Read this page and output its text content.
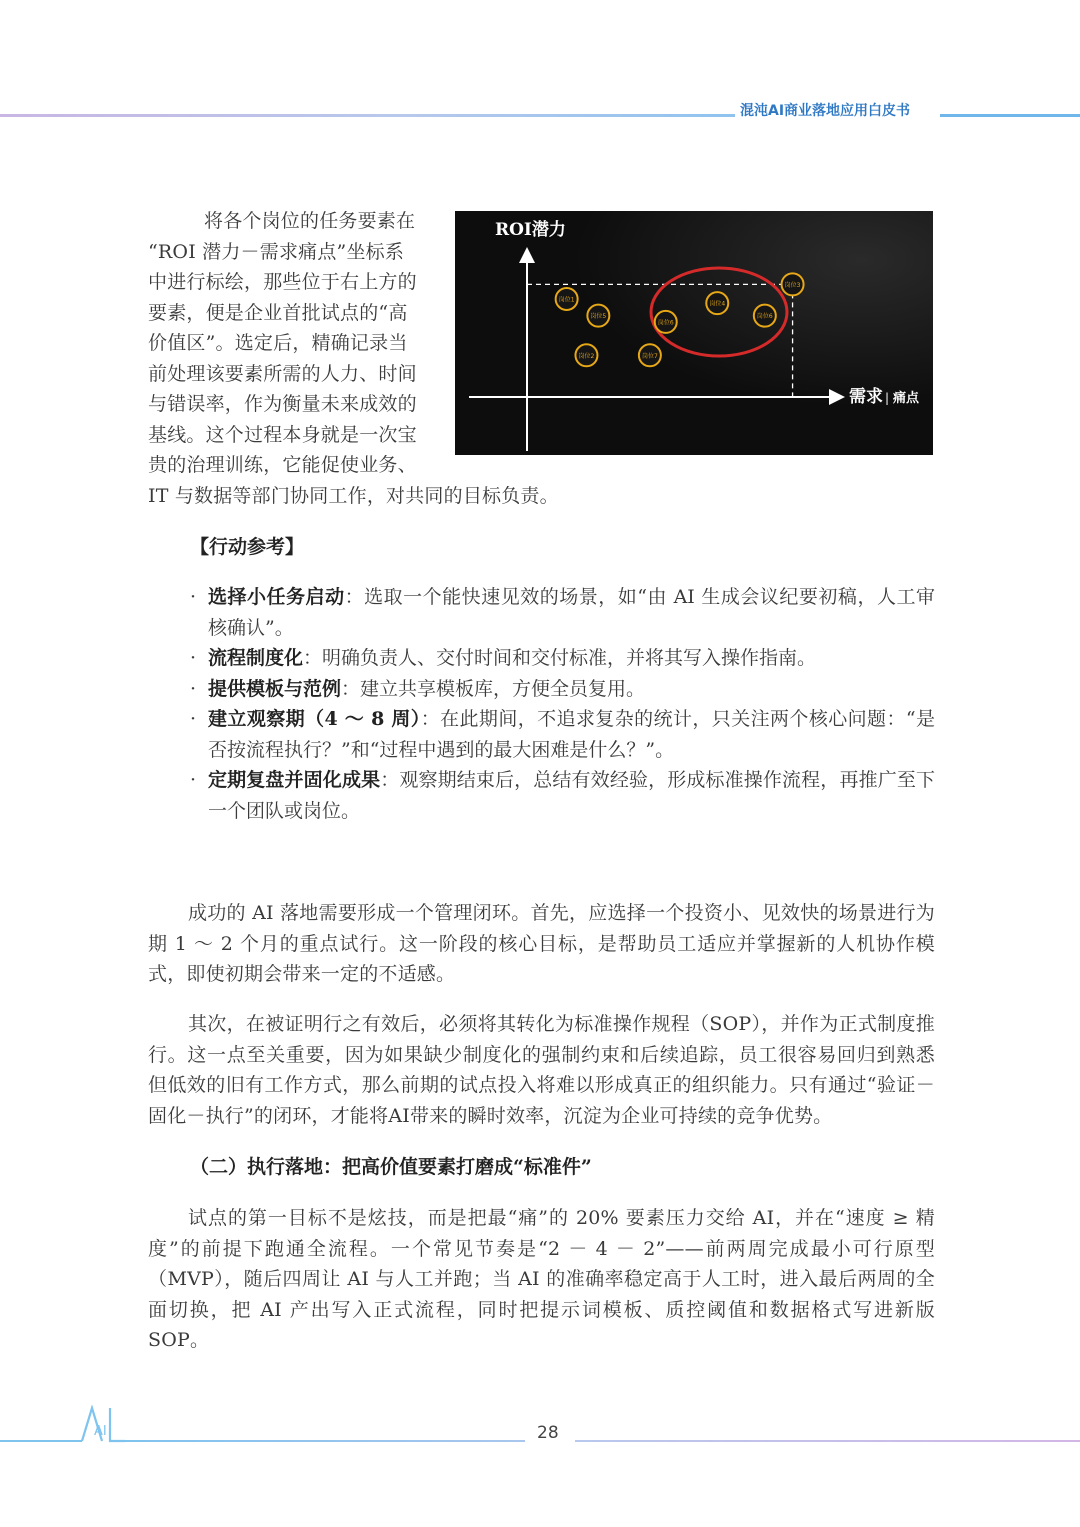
混沌AI商业落地应用白皮书
将各个岗位的任务要素在
“ROI 潜力－需求痛点”坐标系
中进行标绘，那些位于右上方的
要素，便是企业首批试点的“高
价值区”。选定后，精确记录当
前处理该要素所需的人力、时间
与错误率，作为衡量未来成效的
基线。这个过程本身就是一次宝
贵的治理训练，它能促使业务、
IT 与数据等部门协同工作，对共同的目标负责。
ROI潜力
需求 | 痛点
岗位1
岗位5
岗位2	岗位7
岗位4
岗位6
岗位6
岗位3
【行动参考】
· 选择小任务启动：选取一个能快速见效的场景，如“由 AI 生成会议纪要初稿，人工审核确认”。
· 流程制度化：明确负责人、交付时间和交付标准，并将其写入操作指南。
· 提供模板与范例：建立共享模板库，方便全员复用。
· 建立观察期（4 ～ 8 周）：在此期间，不追求复杂的统计，只关注两个核心问题：“是否按流程执行？”和“过程中遇到的最大困难是什么？”。
· 定期复盘并固化成果：观察期结束后，总结有效经验，形成标准操作流程，再推广至下一个团队或岗位。
成功的 AI 落地需要形成一个管理闭环。首先，应选择一个投资小、见效快的场景进行为期 1 ～ 2 个月的重点试行。这一阶段的核心目标，是帮助员工适应并掌握新的人机协作模式，即使初期会带来一定的不适感。
其次，在被证明行之有效后，必须将其转化为标准操作规程（SOP），并作为正式制度推行。这一点至关重要，因为如果缺少制度化的强制约束和后续追踪，员工很容易回归到熟悉但低效的旧有工作方式，那么前期的试点投入将难以形成真正的组织能力。只有通过“验证－固化－执行”的闭环，才能将AI带来的瞬时效率，沉淀为企业可持续的竞争优势。
（二）执行落地：把高价值要素打磨成“标准件”
试点的第一目标不是炫技，而是把最“痛”的 20% 要素压力交给 AI，并在“速度 ≥ 精度”的前提下跑通全流程。一个常见节奏是“2 － 4 － 2”——前两周完成最小可行原型（MVP），随后四周让 AI 与人工并跑；当 AI 的准确率稳定高于人工时，进入最后两周的全面切换，把 AI 产出写入正式流程，同时把提示词模板、质控阈值和数据格式写进新版 SOP。
AI	28
